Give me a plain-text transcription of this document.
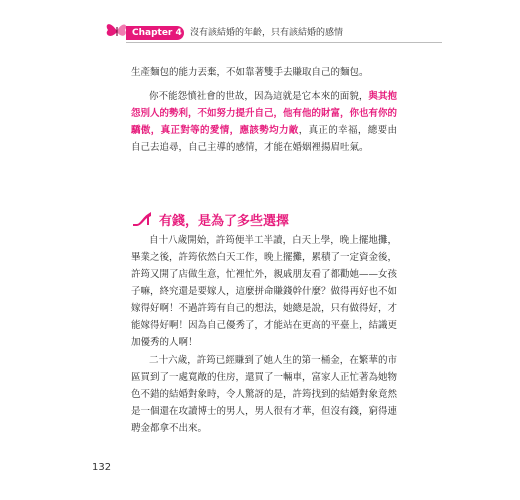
Chapter 4 沒有該結婚的年齡，只有該結婚的感情

生產麵包的能力丟棄，不如靠著雙手去賺取自己的麵包。

你不能怨憤社會的世故，因為這就是它本來的面貌，與其抱怨別人的勢利，不如努力提升自己，他有他的財富，你也有你的驕傲，真正對等的愛情，應該勢均力敵，真正的幸福，總要由自己去追尋，自己主導的感情，才能在婚姻裡揚眉吐氣。

有錢，是為了多些選擇

自十八歲開始，許筠便半工半讀，白天上學，晚上擺地攤，畢業之後，許筠依然白天工作，晚上擺攤，累積了一定資金後，許筠又開了店做生意，忙裡忙外，親戚朋友看了都勸她——女孩子嘛，終究還是要嫁人，這麼拼命賺錢幹什麼？做得再好也不如嫁得好啊！不過許筠有自己的想法，她總是說，只有做得好，才能嫁得好啊！因為自己優秀了，才能站在更高的平臺上，結識更加優秀的人啊！

二十六歲，許筠已經賺到了她人生的第一桶金，在繁華的市區買到了一處寬敞的住房，還買了一輛車，富家人正忙著為她物色不錯的結婚對象時，令人驚訝的是，許筠找到的結婚對象竟然是一個還在攻讀博士的男人，男人很有才華，但沒有錢，窮得連聘金都拿不出來。

132
